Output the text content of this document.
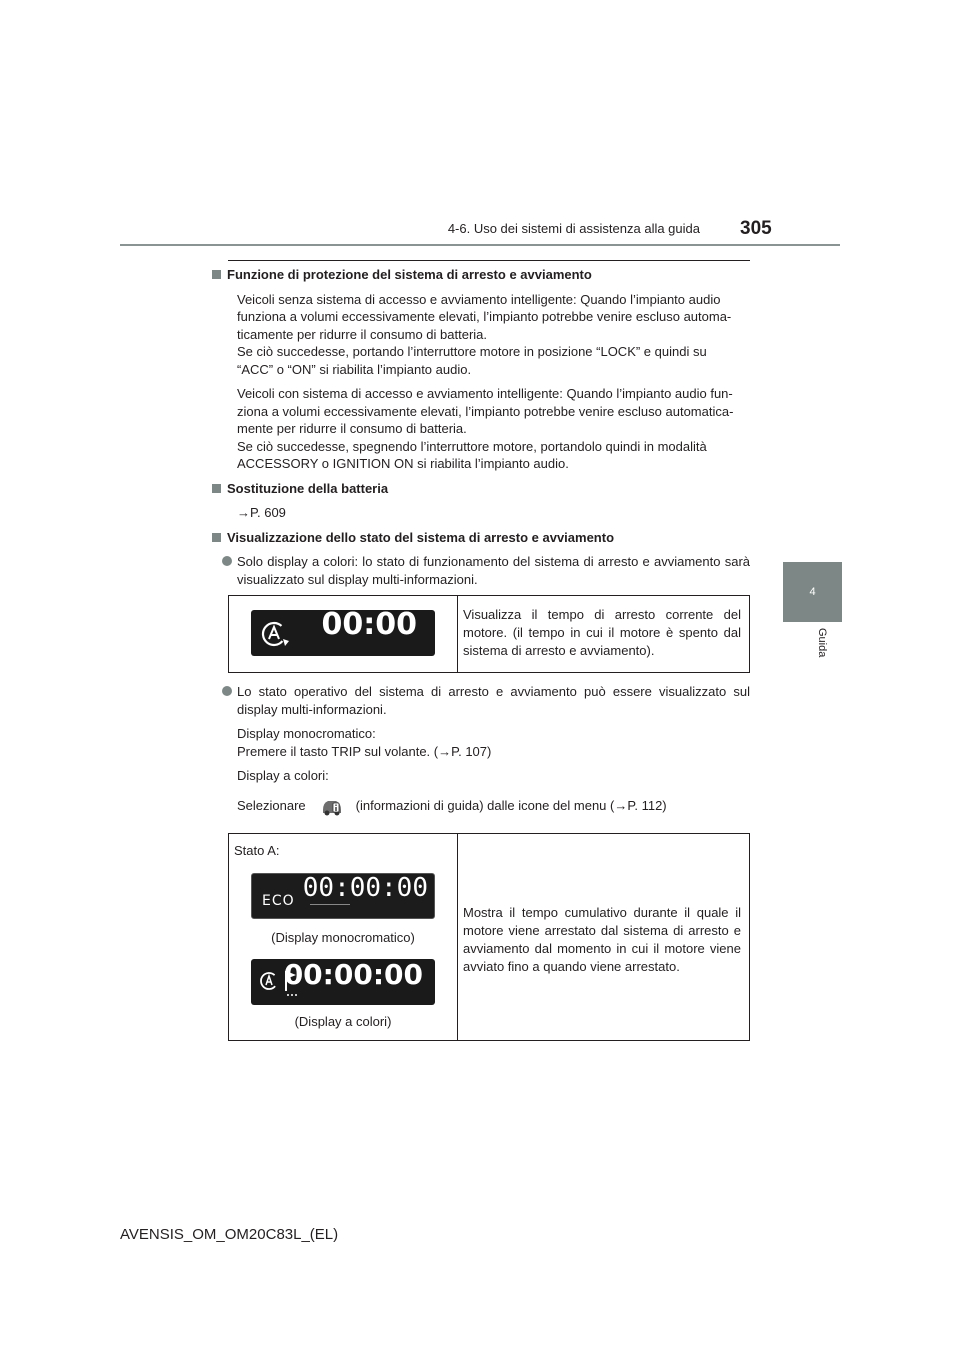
4-6. Uso dei sistemi di assistenza alla guida 305
4
Guida
Funzione di protezione del sistema di arresto e avviamento
Veicoli senza sistema di accesso e avviamento intelligente: Quando l’impianto audio
funziona a volumi eccessivamente elevati, l’impianto potrebbe venire escluso automa-
ticamente per ridurre il consumo di batteria.
Se ciò succedesse, portando l’interruttore motore in posizione “LOCK” e quindi su
“ACC” o “ON” si riabilita l’impianto audio.
Veicoli con sistema di accesso e avviamento intelligente: Quando l’impianto audio fun-
ziona a volumi eccessivamente elevati, l’impianto potrebbe venire escluso automatica-
mente per ridurre il consumo di batteria.
Se ciò succedesse, spegnendo l’interruttore motore, portandolo quindi in modalità
ACCESSORY o IGNITION ON si riabilita l’impianto audio.
Sostituzione della batteria
→P. 609
Visualizzazione dello stato del sistema di arresto e avviamento
Solo display a colori: lo stato di funzionamento del sistema di arresto e avviamento sarà visualizzato sul display multi-informazioni.
00:00	Visualizza il tempo di arresto corrente del motore. (il tempo in cui il motore è spento dal sistema di arresto e avviamento).
Lo stato operativo del sistema di arresto e avviamento può essere visualizzato sul display multi-informazioni.
Display monocromatico:
Premere il tasto TRIP sul volante. (→P. 107)
Display a colori:
Selezionare	(informazioni di guida) dalle icone del menu (→P. 112)
Stato A:
ECO 00:00:00
(Display monocromatico)
00:00:00
(Display a colori)
	Mostra il tempo cumulativo durante il quale il motore viene arrestato dal sistema di arresto e avviamento dal momento in cui il motore viene avviato fino a quando viene arrestato.
AVENSIS_OM_OM20C83L_(EL)
